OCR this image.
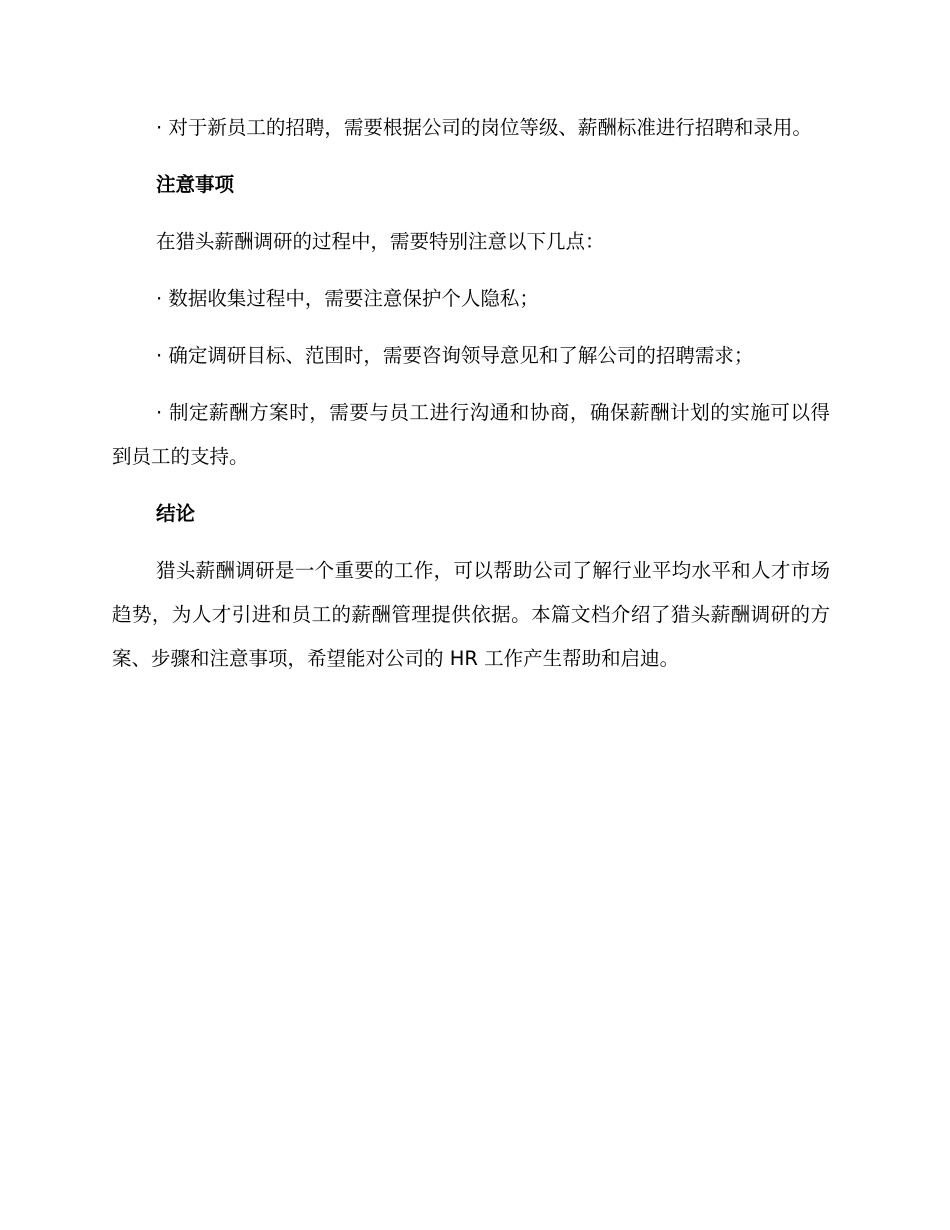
· 对于新员工的招聘，需要根据公司的岗位等级、薪酬标准进行招聘和录用。

注意事项

在猎头薪酬调研的过程中，需要特别注意以下几点：

· 数据收集过程中，需要注意保护个人隐私；

· 确定调研目标、范围时，需要咨询领导意见和了解公司的招聘需求；

· 制定薪酬方案时，需要与员工进行沟通和协商，确保薪酬计划的实施可以得到员工的支持。

结论

猎头薪酬调研是一个重要的工作，可以帮助公司了解行业平均水平和人才市场趋势，为人才引进和员工的薪酬管理提供依据。本篇文档介绍了猎头薪酬调研的方案、步骤和注意事项，希望能对公司的 HR 工作产生帮助和启迪。
